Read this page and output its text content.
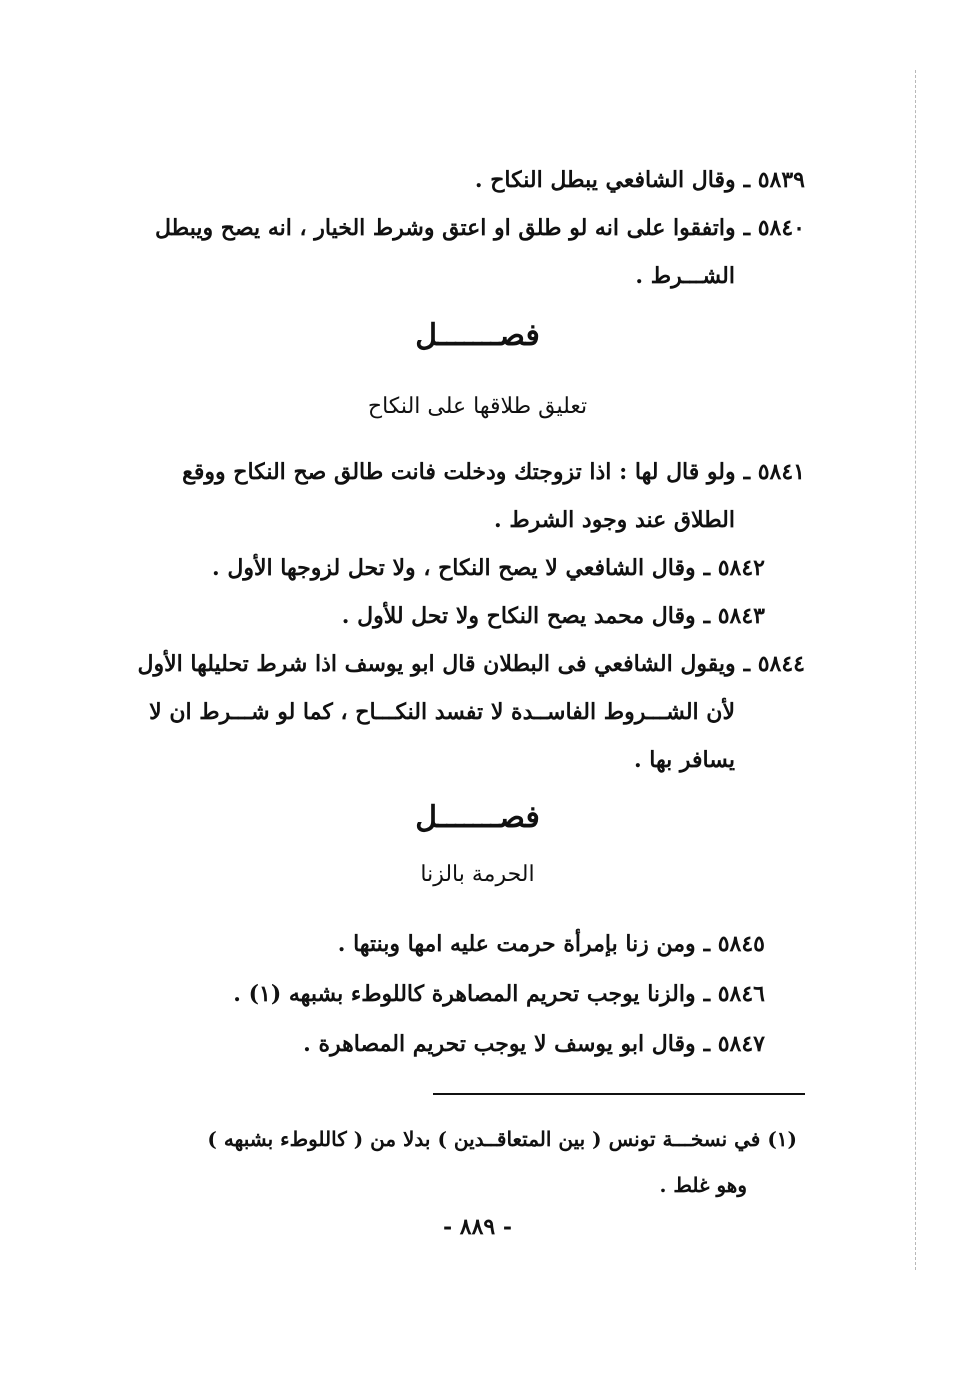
٥٨٣٩ ـوقال الشافعي يبطل النكاح .
٥٨٤٠ ـواتفقوا على انه لو طلق او اعتق وشرط الخيار ، انه يصح ويبطل
الشـــرط .
فصـــــــل
تعليق طلاقها على النكاح
٥٨٤١ ـولو قال لها : اذا تزوجتك ودخلت فانت طالق صح النكاح ووقع
الطلاق عند وجود الشرط .
٥٨٤٢ ـوقال الشافعي لا يصح النكاح ، ولا تحل لزوجها الأول .
٥٨٤٣ ـوقال محمد يصح النكاح ولا تحل للأول .
٥٨٤٤ ـويقول الشافعي فى البطلان قال ابو يوسف اذا شرط تحليلها الأول
لأن الشـــروط الفاســدة لا تفسد النكـــاح ، كما لو شـــرط ان لا
يسافر بها .
فصـــــــل
الحرمة بالزنا
٥٨٤٥ ـومن زنا بإمرأة حرمت عليه امها وبنتها .
٥٨٤٦ ـوالزنا يوجب تحريم المصاهرة كاللوطء بشبهه (١) .
٥٨٤٧ ـوقال ابو يوسف لا يوجب تحريم المصاهرة .
(١) في نسخـــة تونس ( بين المتعاقــدين ) بدلا من ( كاللوطء بشبهه )
وهو غلط .
- ٨٨٩ -
